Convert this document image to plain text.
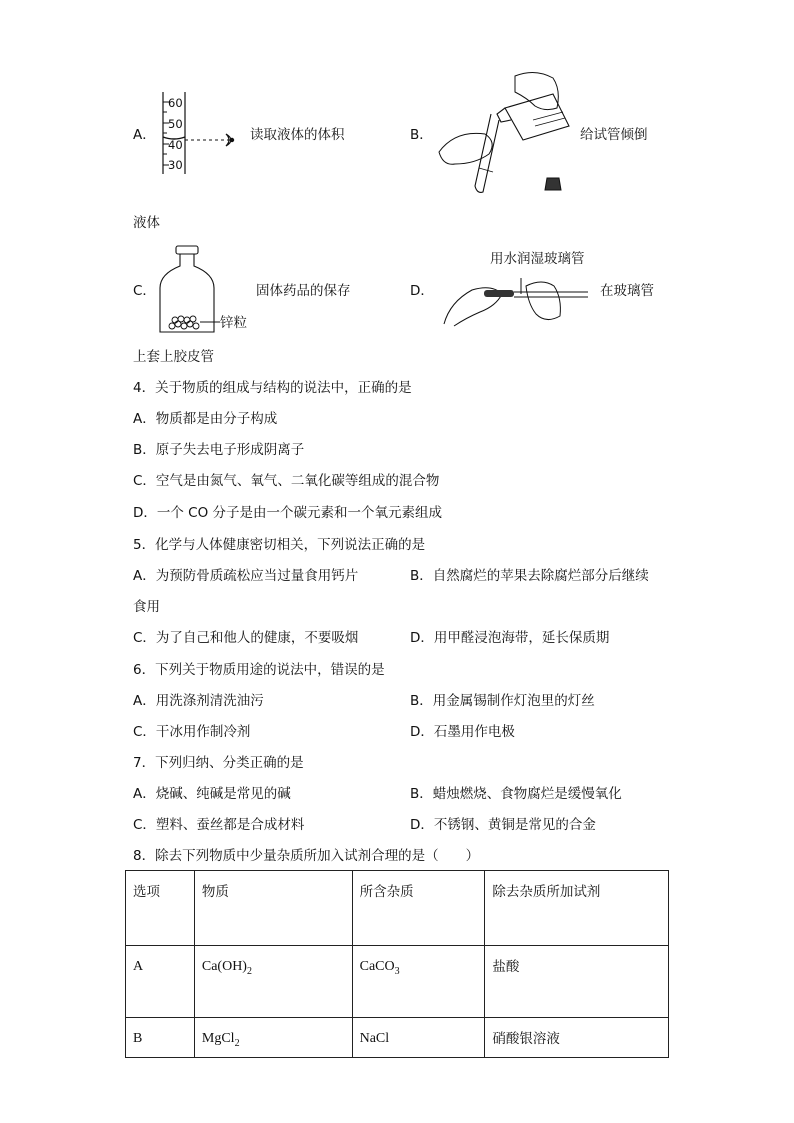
A．
60
50
40
30
读取液体的体积	B．	给试管倾倒
液体
C．
锌粒
固体药品的保存	D．
用水润湿玻璃管
在玻璃管
上套上胶皮管
4．关于物质的组成与结构的说法中，正确的是
A．物质都是由分子构成
B．原子失去电子形成阴离子
C．空气是由氮气、氧气、二氧化碳等组成的混合物
D．一个 CO 分子是由一个碳元素和一个氧元素组成
5．化学与人体健康密切相关，下列说法正确的是
A．为预防骨质疏松应当过量食用钙片	B．自然腐烂的苹果去除腐烂部分后继续
食用
C．为了自己和他人的健康，不要吸烟	D．用甲醛浸泡海带，延长保质期
6．下列关于物质用途的说法中，错误的是
A．用洗涤剂清洗油污	B．用金属锡制作灯泡里的灯丝
C．干冰用作制冷剂	D．石墨用作电极
7．下列归纳、分类正确的是
A．烧碱、纯碱是常见的碱	B．蜡烛燃烧、食物腐烂是缓慢氧化
C．塑料、蚕丝都是合成材料	D．不锈钢、黄铜是常见的合金
8．除去下列物质中少量杂质所加入试剂合理的是（　　）
选项	物质	所含杂质	除去杂质所加试剂
A	$Ca(OH)_2$	CaCO$_3$	盐酸
B	MgCl$_2$	NaCl	硝酸银溶液
